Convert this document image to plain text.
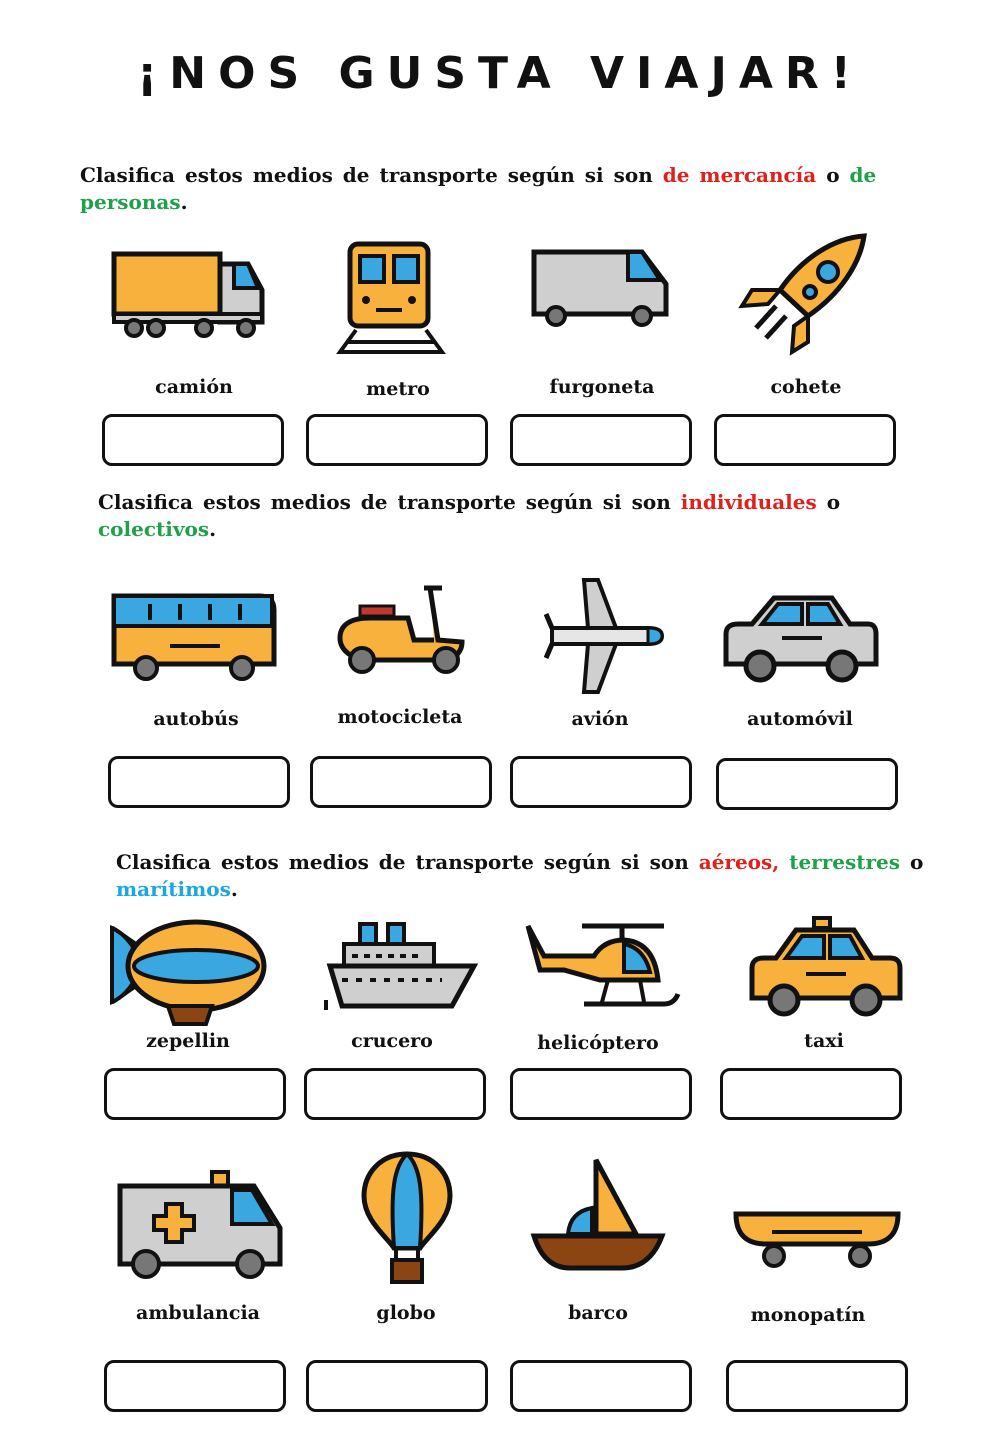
¡NOS GUSTA VIAJAR!
Clasifica estos medios de transporte según si son de mercancía o de
personas.
Clasifica estos medios de transporte según si son individuales o
colectivos.
Clasifica estos medios de transporte según si son aéreos, terrestres o
marítimos.
camión	metro	furgoneta	cohete
autobús	motocicleta	avión	automóvil
zepellin	crucero	helicóptero	taxi
ambulancia	globo	barco	monopatín
